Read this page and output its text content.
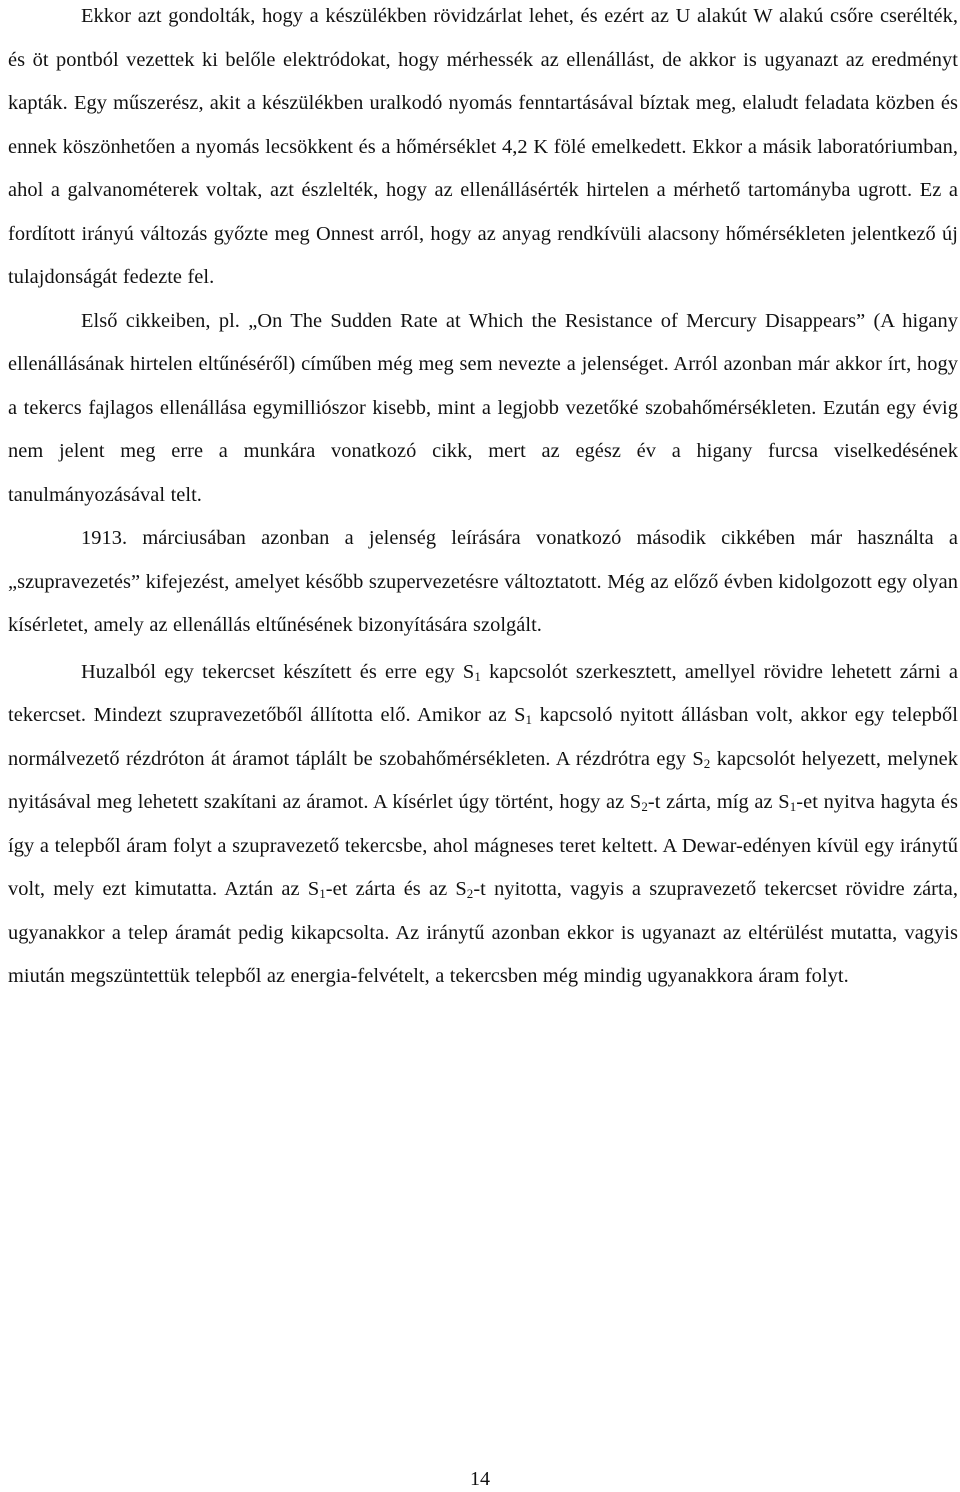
Ekkor azt gondolták, hogy a készülékben rövidzárlat lehet, és ezért az U alakút W alakú csőre cserélték, és öt pontból vezettek ki belőle elektródokat, hogy mérhessék az ellenállást, de akkor is ugyanazt az eredményt kapták. Egy műszerész, akit a készülékben uralkodó nyomás fenntartásával bíztak meg, elaludt feladata közben és ennek köszönhetően a nyomás lecsökkent és a hőmérséklet 4,2 K fölé emelkedett. Ekkor a másik laboratóriumban, ahol a galvanométerek voltak, azt észlelték, hogy az ellenállásérték hirtelen a mérhető tartományba ugrott. Ez a fordított irányú változás győzte meg Onnest arról, hogy az anyag rendkívüli alacsony hőmérsékleten jelentkező új tulajdonságát fedezte fel.

Első cikkeiben, pl. „On The Sudden Rate at Which the Resistance of Mercury Disappears” (A higany ellenállásának hirtelen eltűnéséről) címűben még meg sem nevezte a jelenséget. Arról azonban már akkor írt, hogy a tekercs fajlagos ellenállása egymilliószor kisebb, mint a legjobb vezetőké szobahőmérsékleten. Ezután egy évig nem jelent meg erre a munkára vonatkozó cikk, mert az egész év a higany furcsa viselkedésének tanulmányozásával telt.

1913. márciusában azonban a jelenség leírására vonatkozó második cikkében már használta a „szupravezetés” kifejezést, amelyet később szupervezetésre változtatott. Még az előző évben kidolgozott egy olyan kísérletet, amely az ellenállás eltűnésének bizonyítására szolgált.

Huzalból egy tekercset készített és erre egy $S_1$ kapcsolót szerkesztett, amellyel rövidre lehetett zárni a tekercset. Mindezt szupravezetőből állította elő. Amikor az $S_1$ kapcsoló nyitott állásban volt, akkor egy telepből normálvezető rézdróton át áramot táplált be szobahőmérsékleten. A rézdrótra egy $S_2$ kapcsolót helyezett, melynek nyitásával meg lehetett szakítani az áramot. A kísérlet úgy történt, hogy az $S_2-t$ zárta, míg az $S_1-et$ nyitva hagyta és így a telepből áram folyt a szupravezető tekercsbe, ahol mágneses teret keltett. A Dewar-edényen kívül egy iránytű volt, mely ezt kimutatta. Aztán az $S_1-et$ zárta és az $S_2-t$ nyitotta, vagyis a szupravezető tekercset rövidre zárta, ugyanakkor a telep áramát pedig kikapcsolta. Az iránytű azonban ekkor is ugyanazt az eltérülést mutatta, vagyis miután megszüntettük telepből az energia-felvételt, a tekercsben még mindig ugyanakkora áram folyt.

14
